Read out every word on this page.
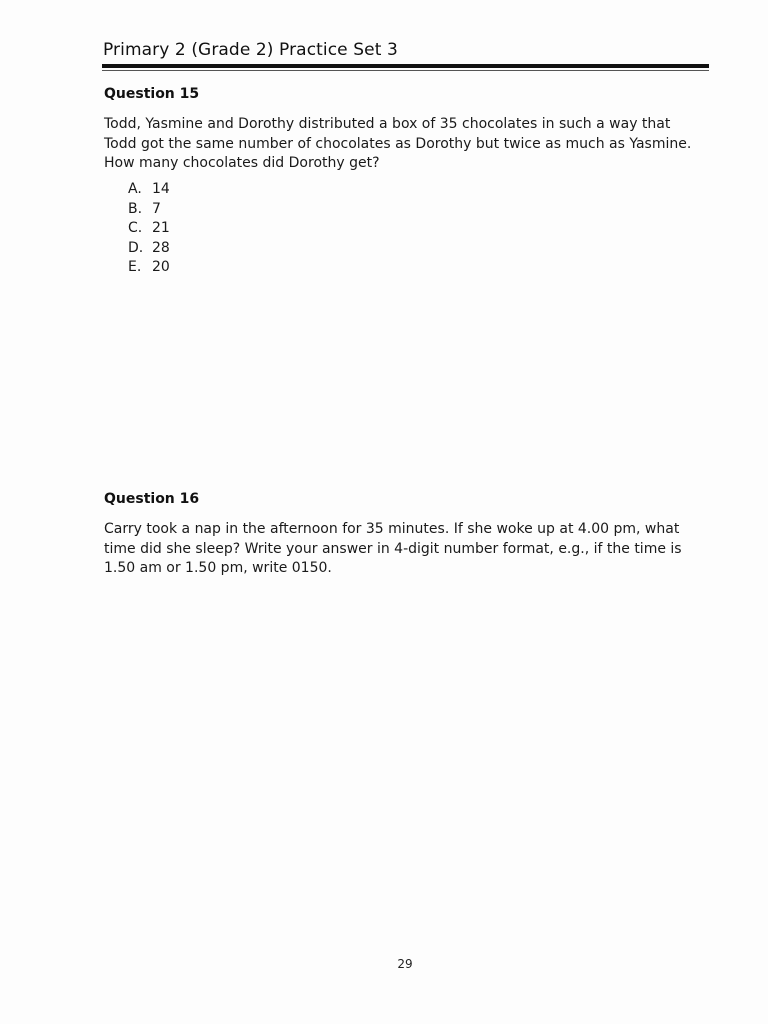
Primary 2 (Grade 2) Practice Set 3
Question 15
Todd, Yasmine and Dorothy distributed a box of 35 chocolates in such a way that
Todd got the same number of chocolates as Dorothy but twice as much as Yasmine.
How many chocolates did Dorothy get?
A. 14
B. 7
C. 21
D. 28
E. 20
Question 16
Carry took a nap in the afternoon for 35 minutes. If she woke up at 4.00 pm, what
time did she sleep? Write your answer in 4-digit number format, e.g., if the time is
1.50 am or 1.50 pm, write 0150.
29
